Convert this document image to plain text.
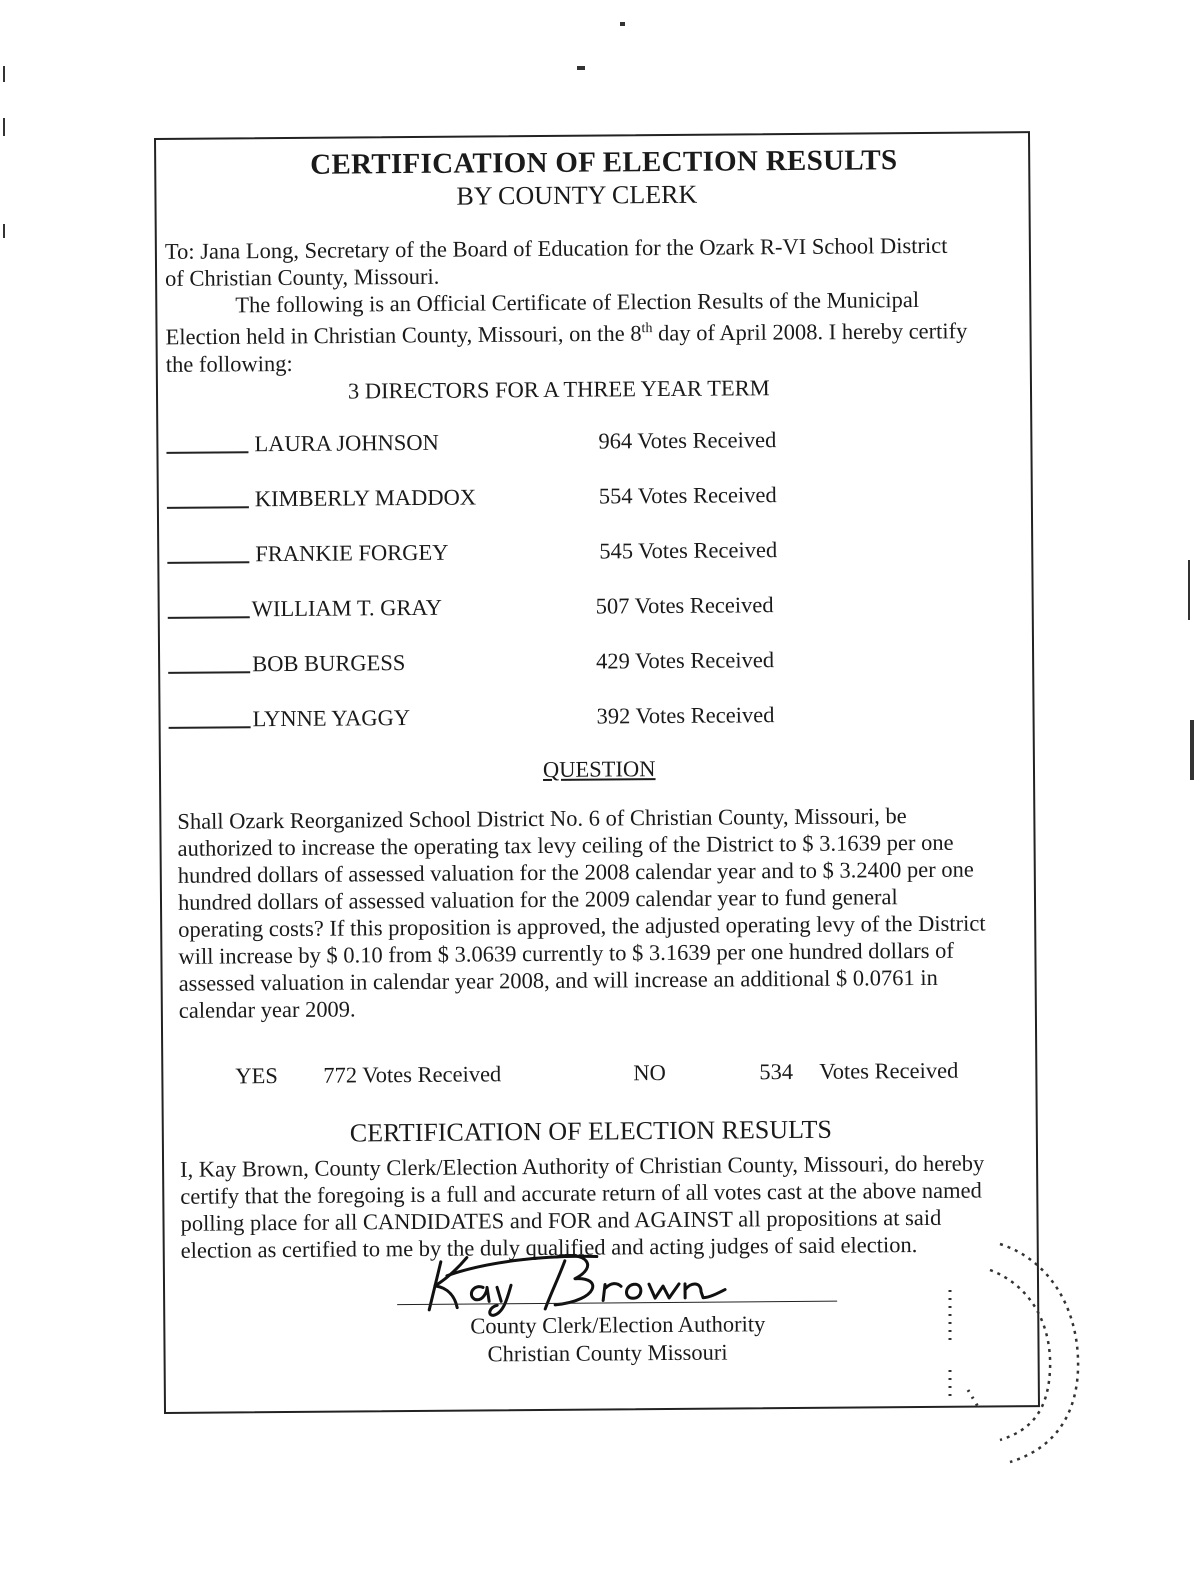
CERTIFICATION OF ELECTION RESULTS
BY COUNTY CLERK
To: Jana Long, Secretary of the Board of Education for the Ozark R-VI School District
of Christian County, Missouri.
The following is an Official Certificate of Election Results of the Municipal
Election held in Christian County, Missouri, on the 8th day of April 2008. I hereby certify
the following:
3 DIRECTORS FOR A THREE YEAR TERM
LAURA JOHNSON	964 Votes Received
KIMBERLY MADDOX	554 Votes Received
FRANKIE FORGEY	545 Votes Received
WILLIAM T. GRAY	507 Votes Received
BOB BURGESS	429 Votes Received
LYNNE YAGGY	392 Votes Received
QUESTION
Shall Ozark Reorganized School District No. 6 of Christian County, Missouri, be
authorized to increase the operating tax levy ceiling of the District to $ 3.1639 per one
hundred dollars of assessed valuation for the 2008 calendar year and to $ 3.2400 per one
hundred dollars of assessed valuation for the 2009 calendar year to fund general
operating costs? If this proposition is approved, the adjusted operating levy of the District
will increase by $ 0.10 from $ 3.0639 currently to $ 3.1639 per one hundred dollars of
assessed valuation in calendar year 2008, and will increase an additional $ 0.0761 in
calendar year 2009.
YES 772 Votes Received	NO	534 Votes Received
CERTIFICATION OF ELECTION RESULTS
I, Kay Brown, County Clerk/Election Authority of Christian County, Missouri, do hereby
certify that the foregoing is a full and accurate return of all votes cast at the above named
polling place for all CANDIDATES and FOR and AGAINST all propositions at said
election as certified to me by the duly qualified and acting judges of said election.
County Clerk/Election Authority
Christian County Missouri
